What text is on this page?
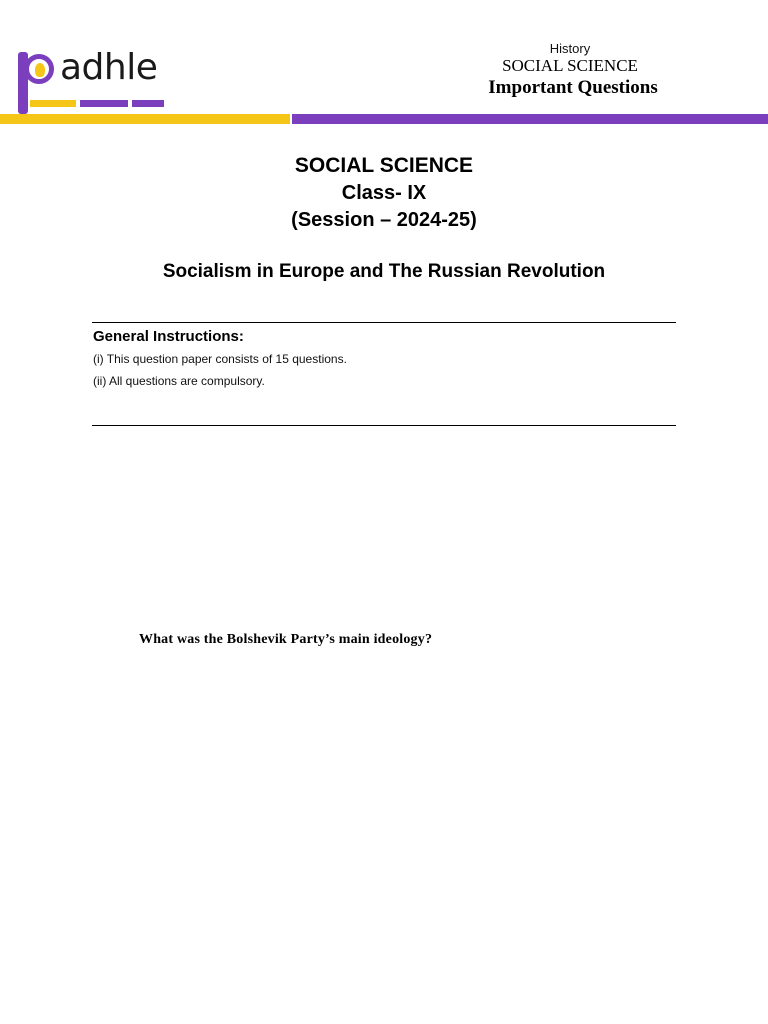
adhle	History
SOCIAL SCIENCE
Important Questions
SOCIAL SCIENCE
Class- IX
(Session – 2024-25)
Socialism in Europe and The Russian Revolution
General Instructions:
(i) This question paper consists of 15 questions.
(ii) All questions are compulsory.
What was the Bolshevik Party’s main ideology?
